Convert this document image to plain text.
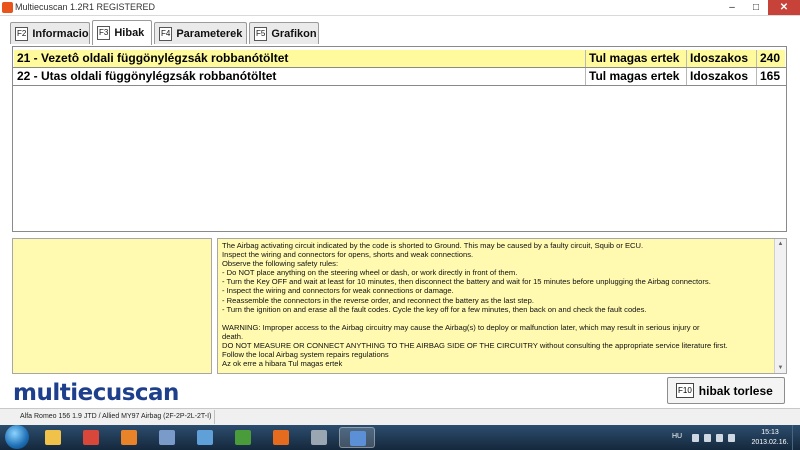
Multiecuscan 1.2R1 REGISTERED	–	□	✕
F2 Informacio F3 Hibak F4 Parameterek F5 Grafikon
21 - Vezetô oldali függönylégzsák robbanótöltet	Tul magas ertek Idoszakos 240
22 - Utas oldali függönylégzsák robbanótöltet	Tul magas ertek Idoszakos 165
The Airbag activating circuit indicated by the code is shorted to Ground. This may be caused by a faulty circuit, Squib or ECU.
Inspect the wiring and connectors for opens, shorts and weak connections.
Observe the following safety rules:
- Do NOT place anything on the steering wheel or dash, or work directly in front of them.
- Turn the Key OFF and wait at least for 10 minutes, then disconnect the battery and wait for 15 minutes before unplugging the Airbag connectors.
- Inspect the wiring and connectors for weak connections or damage.
- Reassemble the connectors in the reverse order, and reconnect the battery as the last step.
- Turn the ignition on and erase all the fault codes. Cycle the key off for a few minutes, then back on and check the fault codes.
WARNING: Improper access to the Airbag circuitry may cause the Airbag(s) to deploy or malfunction later, which may result in serious injury or
death.
DO NOT MEASURE OR CONNECT ANYTHING TO THE AIRBAG SIDE OF THE CIRCUITRY without consulting the appropriate service literature first.
Follow the local Airbag system repairs regulations
Az ok erre a hibara Tul magas ertek
▲
▼
multiecuscan	F10 hibak torlese
Alfa Romeo 156 1.9 JTD / Allied MY97 Airbag (2F-2P-2L-2T-I)
HU
15:13
2013.02.16.
